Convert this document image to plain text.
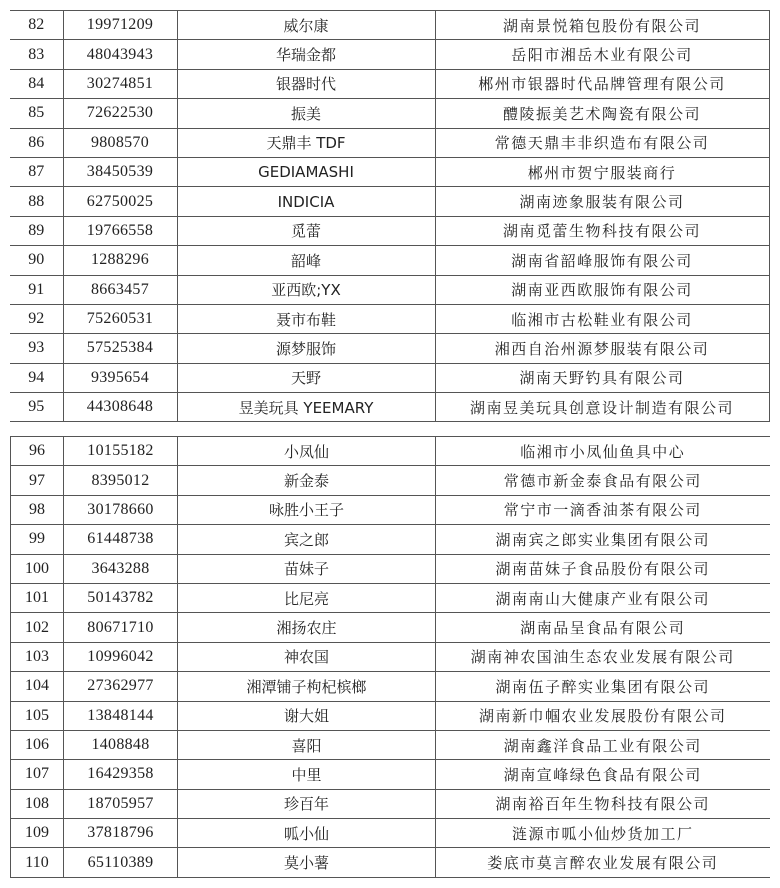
82	19971209	威尔康	湖南景悦箱包股份有限公司
83	48043943	华瑞金都	岳阳市湘岳木业有限公司
84	30274851	银器时代	郴州市银器时代品牌管理有限公司
85	72622530	振美	醴陵振美艺术陶瓷有限公司
86	9808570	天鼎丰 TDF	常德天鼎丰非织造布有限公司
87	38450539	GEDIAMASHI	郴州市贺宁服装商行
88	62750025	INDICIA	湖南迹象服装有限公司
89	19766558	觅蕾	湖南觅蕾生物科技有限公司
90	1288296	韶峰	湖南省韶峰服饰有限公司
91	8663457	亚西欧;YX	湖南亚西欧服饰有限公司
92	75260531	聂市布鞋	临湘市古松鞋业有限公司
93	57525384	源梦服饰	湘西自治州源梦服装有限公司
94	9395654	天野	湖南天野钓具有限公司
95	44308648	昱美玩具 YEEMARY	湖南昱美玩具创意设计制造有限公司
96	10155182	小凤仙	临湘市小凤仙鱼具中心
97	8395012	新金泰	常德市新金泰食品有限公司
98	30178660	咏胜小王子	常宁市一滴香油茶有限公司
99	61448738	宾之郎	湖南宾之郎实业集团有限公司
100	3643288	苗妹子	湖南苗妹子食品股份有限公司
101	50143782	比尼亮	湖南南山大健康产业有限公司
102	80671710	湘扬农庄	湖南品呈食品有限公司
103	10996042	神农国	湖南神农国油生态农业发展有限公司
104	27362977	湘潭铺子枸杞槟榔	湖南伍子醉实业集团有限公司
105	13848144	谢大姐	湖南新巾帼农业发展股份有限公司
106	1408848	喜阳	湖南鑫洋食品工业有限公司
107	16429358	中里	湖南宣峰绿色食品有限公司
108	18705957	珍百年	湖南裕百年生物科技有限公司
109	37818796	呱小仙	涟源市呱小仙炒货加工厂
110	65110389	莫小薯	娄底市莫言醉农业发展有限公司
